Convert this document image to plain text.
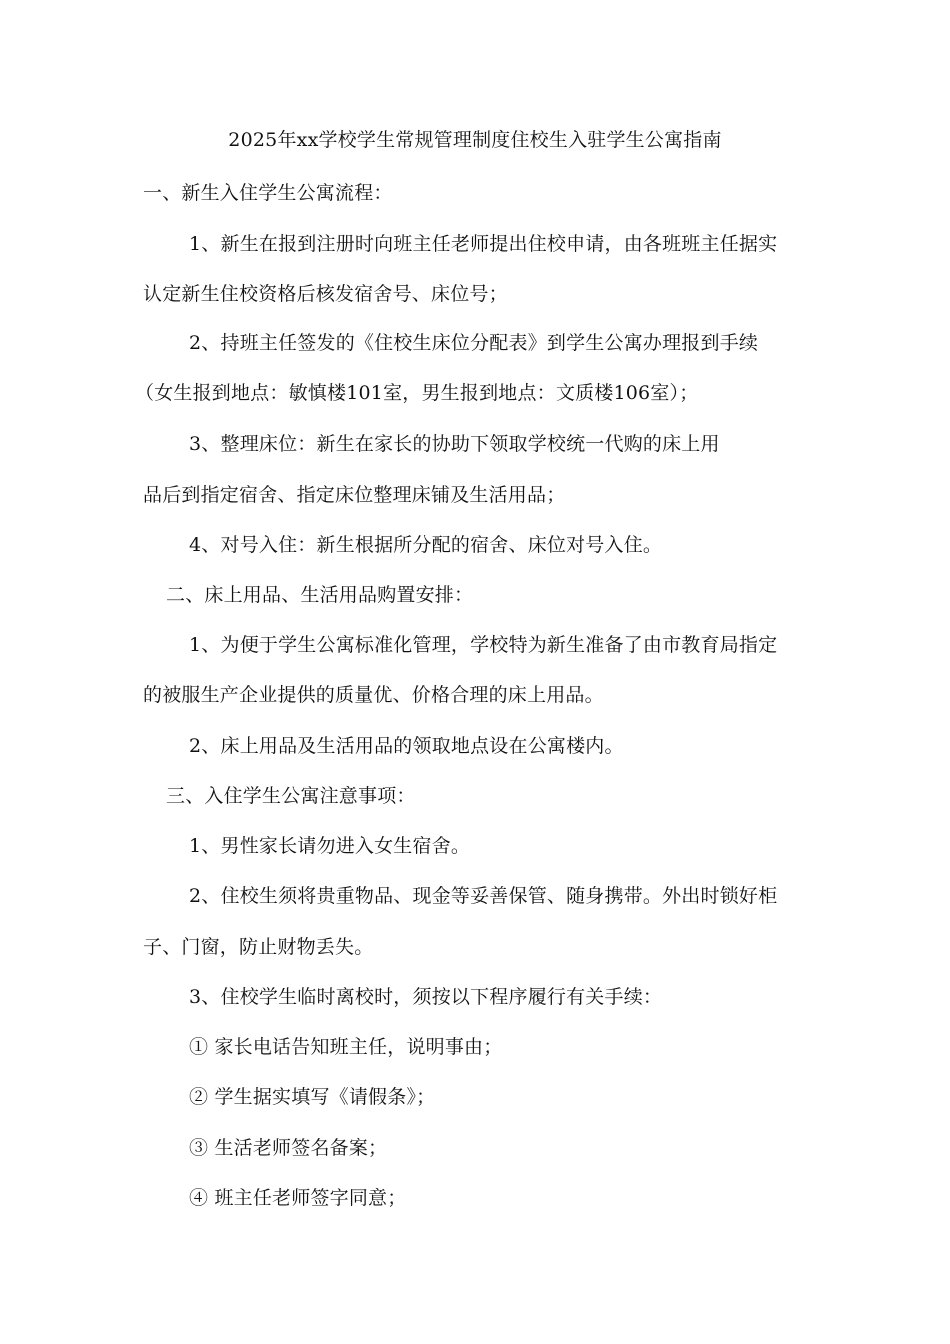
2025年xx学校学生常规管理制度住校生入驻学生公寓指南
一、新生入住学生公寓流程：
1、新生在报到注册时向班主任老师提出住校申请，由各班班主任据实
认定新生住校资格后核发宿舍号、床位号；
2、持班主任签发的《住校生床位分配表》到学生公寓办理报到手续
（女生报到地点：敏慎楼101室，男生报到地点：文质楼106室）；
3、整理床位：新生在家长的协助下领取学校统一代购的床上用
品后到指定宿舍、指定床位整理床铺及生活用品；
4、对号入住：新生根据所分配的宿舍、床位对号入住。
二、床上用品、生活用品购置安排：
1、为便于学生公寓标准化管理，学校特为新生准备了由市教育局指定
的被服生产企业提供的质量优、价格合理的床上用品。
2、床上用品及生活用品的领取地点设在公寓楼内。
三、入住学生公寓注意事项：
1、男性家长请勿进入女生宿舍。
2、住校生须将贵重物品、现金等妥善保管、随身携带。外出时锁好柜
子、门窗，防止财物丢失。
3、住校学生临时离校时，须按以下程序履行有关手续：
① 家长电话告知班主任，说明事由；
② 学生据实填写《请假条》；
③ 生活老师签名备案；
④ 班主任老师签字同意；
